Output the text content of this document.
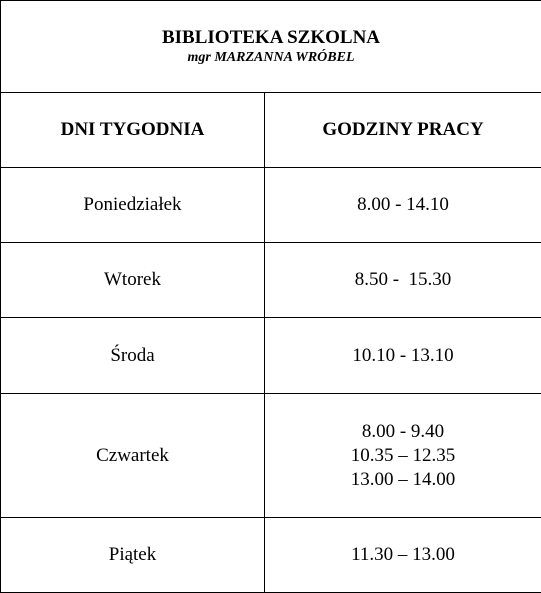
BIBLIOTEKA SZKOLNA
mgr MARZANNA WRÓBEL	

DNI TYGODNIA	GODZINY PRACY
Poniedziałek	8.00 - 14.10

Wtorek	8.50 -  15.30

Środa	10.10 - 13.10

Czwartek	8.00 - 9.40
10.35 – 12.35
13.00 – 14.00

Piątek	11.30 – 13.00
